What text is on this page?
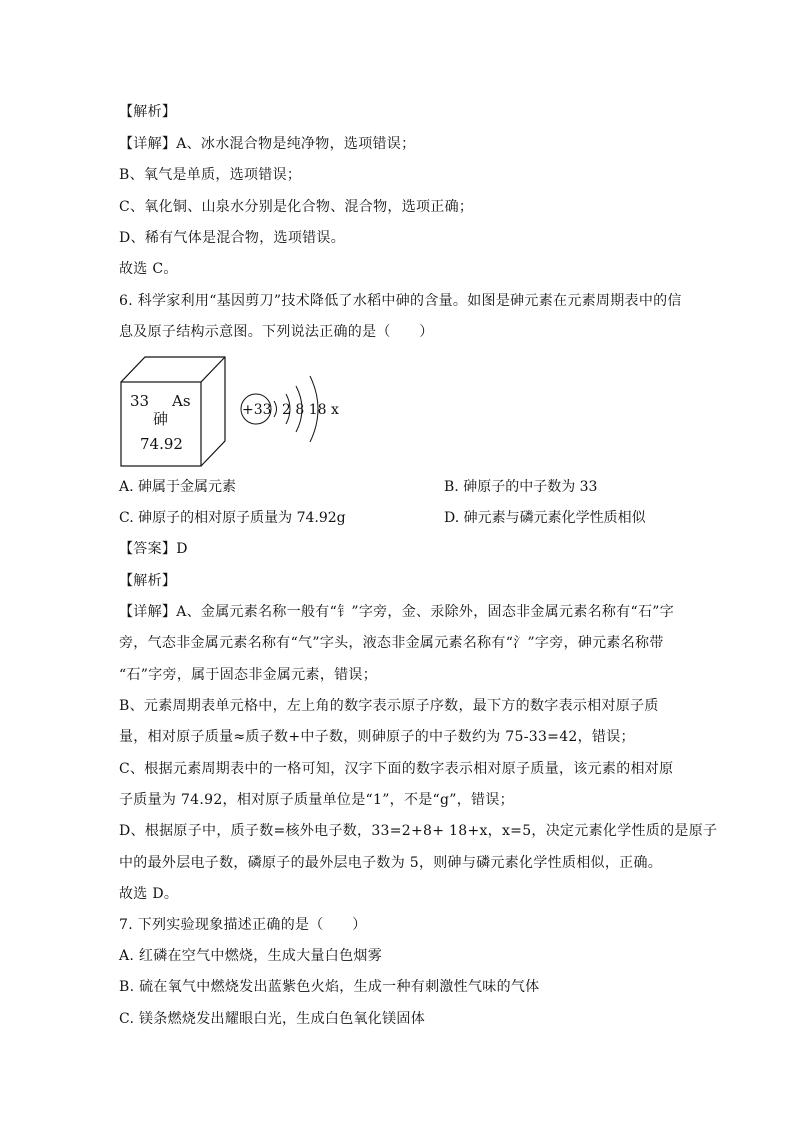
【解析】
【详解】A、冰水混合物是纯净物，选项错误；
B、氧气是单质，选项错误；
C、氧化铜、山泉水分别是化合物、混合物，选项正确；
D、稀有气体是混合物，选项错误。
故选 C。
6. 科学家利用“基因剪刀”技术降低了水稻中砷的含量。如图是砷元素在元素周期表中的信
息及原子结构示意图。下列说法正确的是（　　）
33 As
砷
74.92
+33 2 8 18 x
A. 砷属于金属元素	B. 砷原子的中子数为 33
C. 砷原子的相对原子质量为 74.92g	D. 砷元素与磷元素化学性质相似
【答案】D
【解析】
【详解】A、金属元素名称一般有“钅”字旁，金、汞除外，固态非金属元素名称有“石”字
旁，气态非金属元素名称有“气”字头，液态非金属元素名称有“氵”字旁，砷元素名称带
“石”字旁，属于固态非金属元素，错误；
B、元素周期表单元格中，左上角的数字表示原子序数，最下方的数字表示相对原子质
量，相对原子质量≈质子数+中子数，则砷原子的中子数约为 75-33=42，错误；
C、根据元素周期表中的一格可知，汉字下面的数字表示相对原子质量，该元素的相对原
子质量为 74.92，相对原子质量单位是“1”，不是“g”，错误；
D、根据原子中，质子数=核外电子数，33=2+8+ 18+x，x=5，决定元素化学性质的是原子
中的最外层电子数，磷原子的最外层电子数为 5，则砷与磷元素化学性质相似，正确。
故选 D。
7. 下列实验现象描述正确的是（　　）
A. 红磷在空气中燃烧，生成大量白色烟雾
B. 硫在氧气中燃烧发出蓝紫色火焰，生成一种有刺激性气味的气体
C. 镁条燃烧发出耀眼白光，生成白色氧化镁固体
